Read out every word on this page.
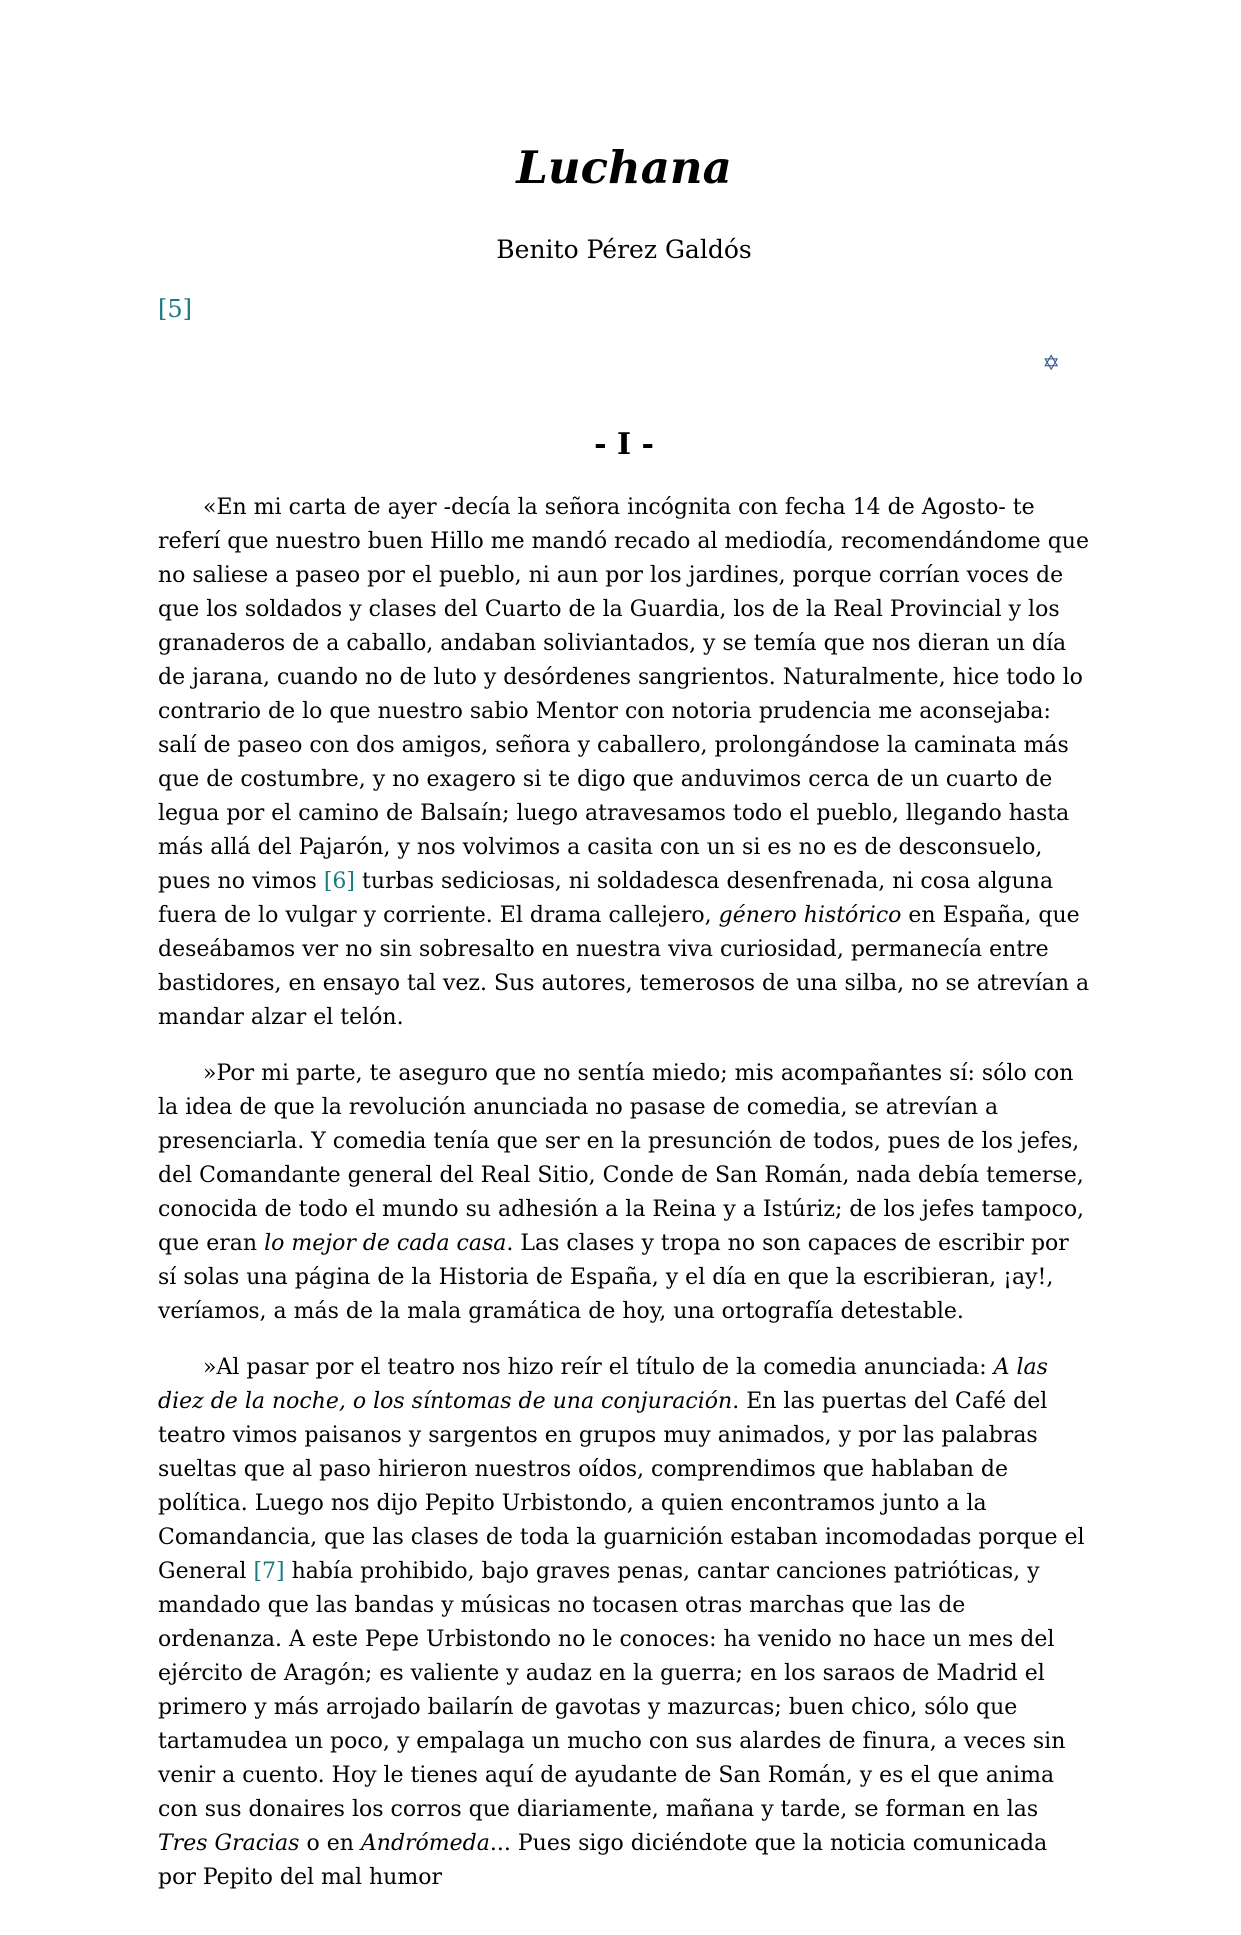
Luchana
Benito Pérez Galdós
[5]
✡
- I -

«En mi carta de ayer -decía la señora incógnita con fecha 14 de Agosto- te referí que nuestro buen Hillo me mandó recado al mediodía, recomendándome que no saliese a paseo por el pueblo, ni aun por los jardines, porque corrían voces de que los soldados y clases del Cuarto de la Guardia, los de la Real Provincial y los granaderos de a caballo, andaban soliviantados, y se temía que nos dieran un día de jarana, cuando no de luto y desórdenes sangrientos. Naturalmente, hice todo lo contrario de lo que nuestro sabio Mentor con notoria prudencia me aconsejaba: salí de paseo con dos amigos, señora y caballero, prolongándose la caminata más que de costumbre, y no exagero si te digo que anduvimos cerca de un cuarto de legua por el camino de Balsaín; luego atravesamos todo el pueblo, llegando hasta más allá del Pajarón, y nos volvimos a casita con un si es no es de desconsuelo, pues no vimos [6] turbas sediciosas, ni soldadesca desenfrenada, ni cosa alguna fuera de lo vulgar y corriente. El drama callejero, género histórico en España, que deseábamos ver no sin sobresalto en nuestra viva curiosidad, permanecía entre bastidores, en ensayo tal vez. Sus autores, temerosos de una silba, no se atrevían a mandar alzar el telón.

»Por mi parte, te aseguro que no sentía miedo; mis acompañantes sí: sólo con la idea de que la revolución anunciada no pasase de comedia, se atrevían a presenciarla. Y comedia tenía que ser en la presunción de todos, pues de los jefes, del Comandante general del Real Sitio, Conde de San Román, nada debía temerse, conocida de todo el mundo su adhesión a la Reina y a Istúriz; de los jefes tampoco, que eran lo mejor de cada casa. Las clases y tropa no son capaces de escribir por sí solas una página de la Historia de España, y el día en que la escribieran, ¡ay!, veríamos, a más de la mala gramática de hoy, una ortografía detestable.

»Al pasar por el teatro nos hizo reír el título de la comedia anunciada: A las diez de la noche, o los síntomas de una conjuración. En las puertas del Café del teatro vimos paisanos y sargentos en grupos muy animados, y por las palabras sueltas que al paso hirieron nuestros oídos, comprendimos que hablaban de política. Luego nos dijo Pepito Urbistondo, a quien encontramos junto a la Comandancia, que las clases de toda la guarnición estaban incomodadas porque el General [7] había prohibido, bajo graves penas, cantar canciones patrióticas, y mandado que las bandas y músicas no tocasen otras marchas que las de ordenanza. A este Pepe Urbistondo no le conoces: ha venido no hace un mes del ejército de Aragón; es valiente y audaz en la guerra; en los saraos de Madrid el primero y más arrojado bailarín de gavotas y mazurcas; buen chico, sólo que tartamudea un poco, y empalaga un mucho con sus alardes de finura, a veces sin venir a cuento. Hoy le tienes aquí de ayudante de San Román, y es el que anima con sus donaires los corros que diariamente, mañana y tarde, se forman en las Tres Gracias o en Andrómeda... Pues sigo diciéndote que la noticia comunicada por Pepito del mal humor
